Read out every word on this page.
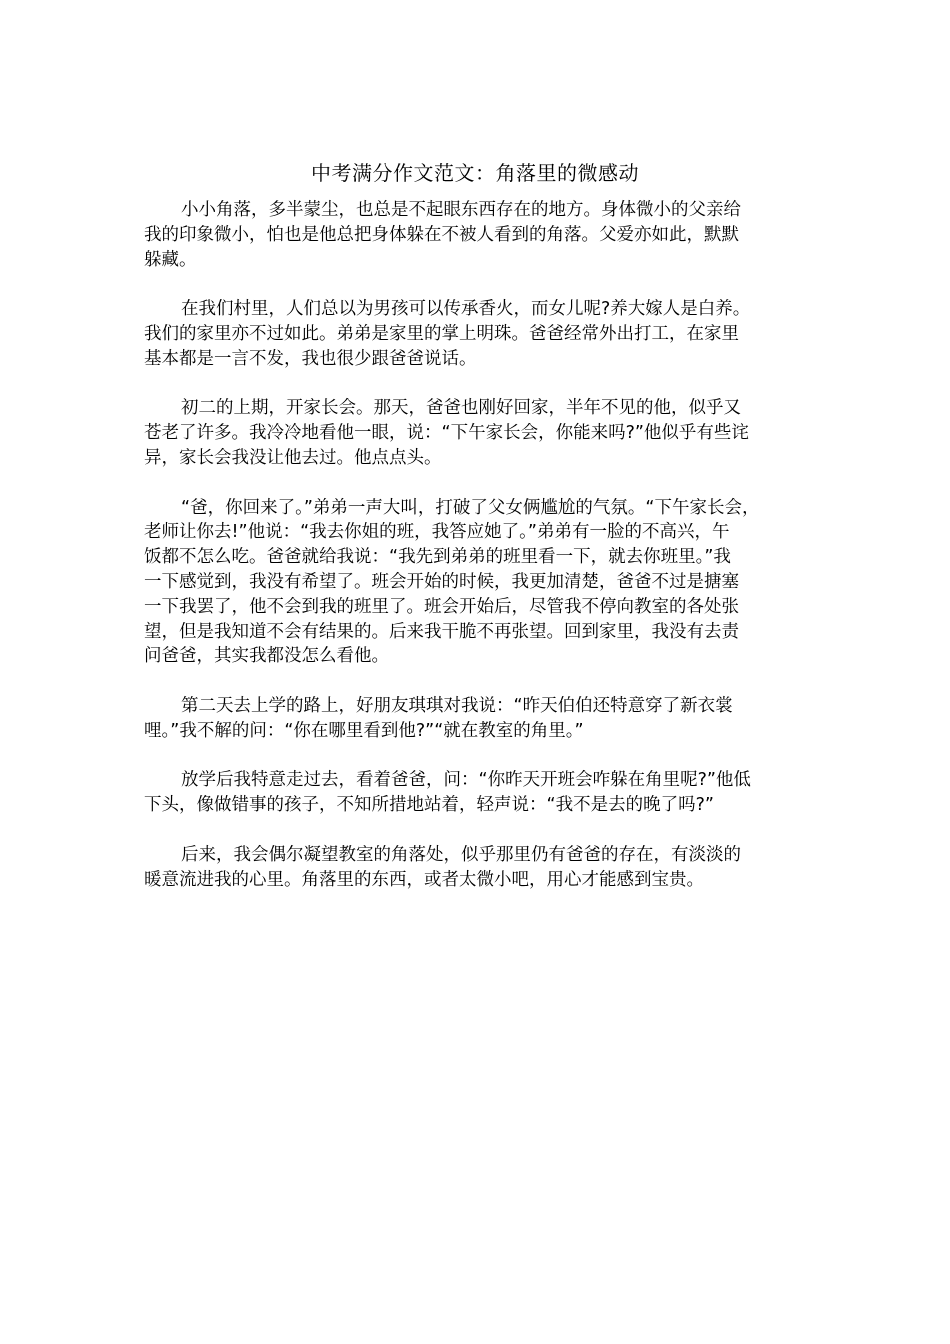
中考满分作文范文：角落里的微感动
小小角落，多半蒙尘，也总是不起眼东西存在的地方。身体微小的父亲给
我的印象微小，怕也是他总把身体躲在不被人看到的角落。父爱亦如此，默默
躲藏。
在我们村里，人们总以为男孩可以传承香火，而女儿呢?养大嫁人是白养。
我们的家里亦不过如此。弟弟是家里的掌上明珠。爸爸经常外出打工，在家里
基本都是一言不发，我也很少跟爸爸说话。
初二的上期，开家长会。那天，爸爸也刚好回家，半年不见的他，似乎又
苍老了许多。我冷冷地看他一眼，说：“下午家长会，你能来吗?”他似乎有些诧
异，家长会我没让他去过。他点点头。
“爸，你回来了。”弟弟一声大叫，打破了父女俩尴尬的气氛。“下午家长会，
老师让你去!”他说：“我去你姐的班，我答应她了。”弟弟有一脸的不高兴，午
饭都不怎么吃。爸爸就给我说：“我先到弟弟的班里看一下，就去你班里。”我
一下感觉到，我没有希望了。班会开始的时候，我更加清楚，爸爸不过是搪塞
一下我罢了，他不会到我的班里了。班会开始后，尽管我不停向教室的各处张
望，但是我知道不会有结果的。后来我干脆不再张望。回到家里，我没有去责
问爸爸，其实我都没怎么看他。
第二天去上学的路上，好朋友琪琪对我说：“昨天伯伯还特意穿了新衣裳
哩。”我不解的问：“你在哪里看到他?”“就在教室的角里。”
放学后我特意走过去，看着爸爸，问：“你昨天开班会咋躲在角里呢?”他低
下头，像做错事的孩子，不知所措地站着，轻声说：“我不是去的晚了吗?”
后来，我会偶尔凝望教室的角落处，似乎那里仍有爸爸的存在，有淡淡的
暖意流进我的心里。角落里的东西，或者太微小吧，用心才能感到宝贵。
